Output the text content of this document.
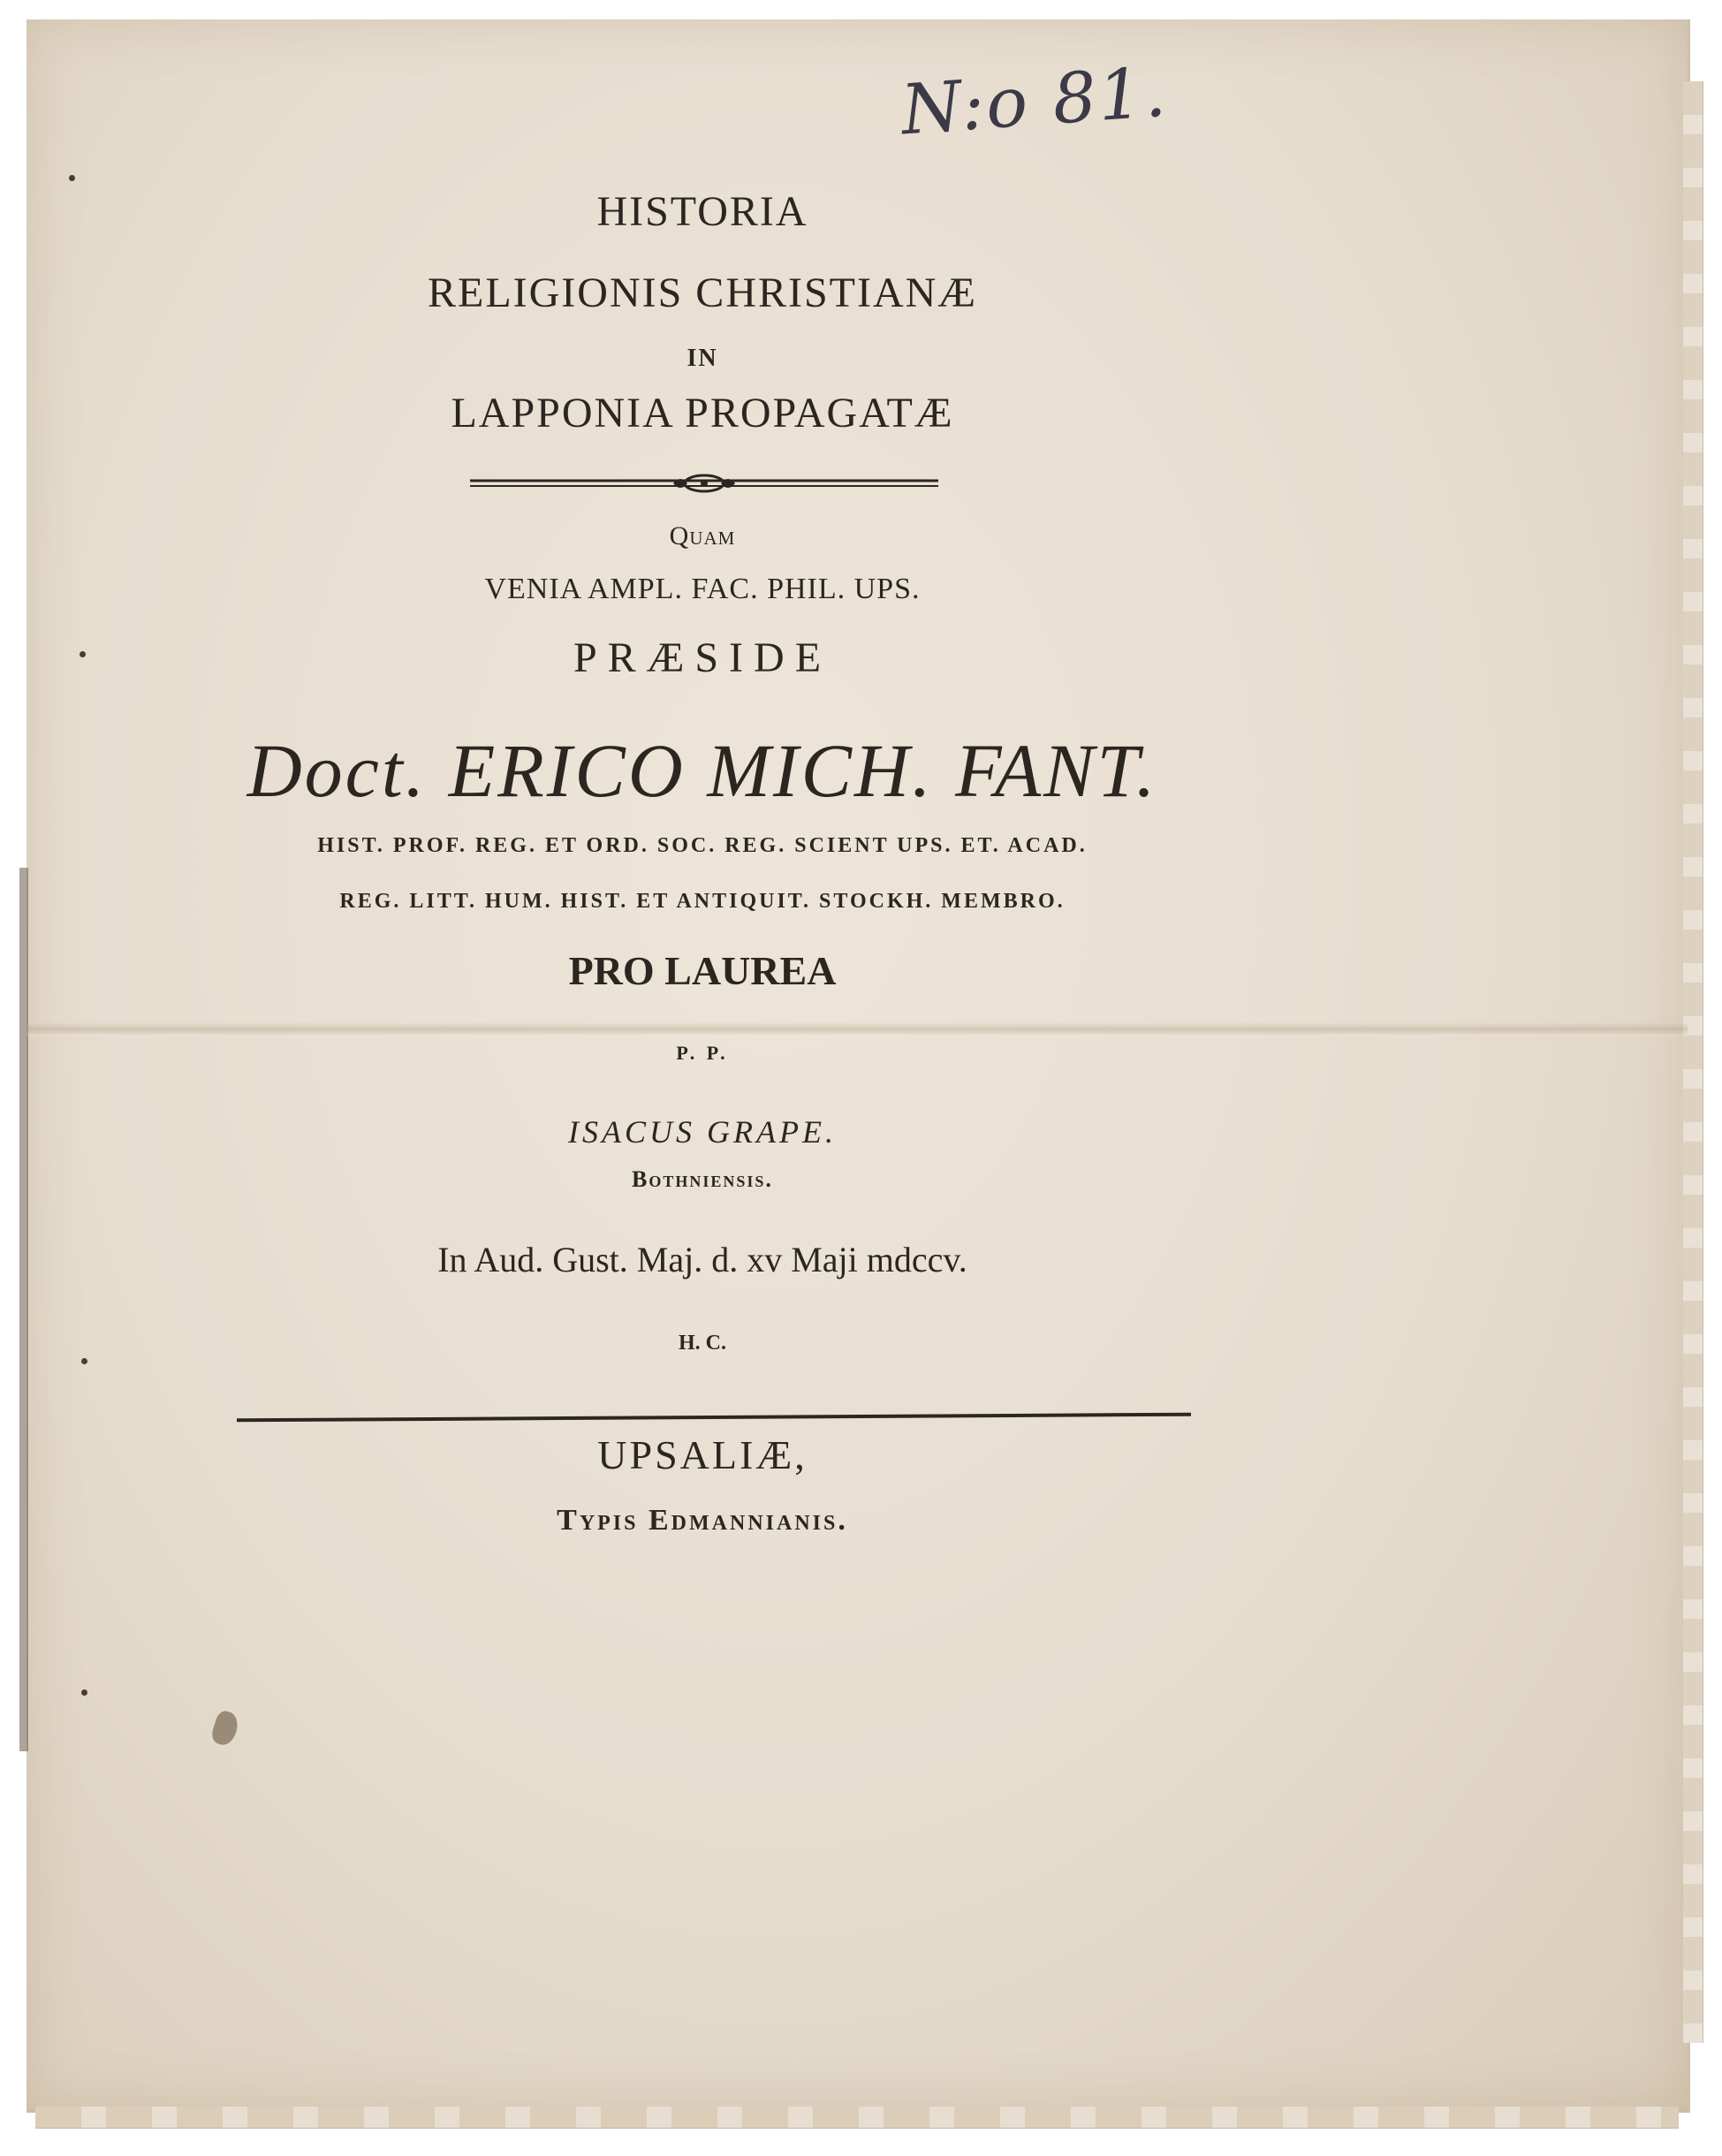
N:o 81.
HISTORIA
RELIGIONIS CHRISTIANÆ
IN
LAPPONIA PROPAGATÆ
Quam
VENIA AMPL. FAC. PHIL. UPS.
PRÆSIDE
Doct. ERICO MICH. FANT.
HIST. PROF. REG. ET ORD. SOC. REG. SCIENT UPS. ET. ACAD.
REG. LITT. HUM. HIST. ET ANTIQUIT. STOCKH. MEMBRO.
PRO LAUREA
P. P.
ISACUS GRAPE.
Bothniensis.
In Aud. Gust. Maj. d. xv Maji mdccv.
H. C.
UPSALIÆ,
Typis Edmannianis.
